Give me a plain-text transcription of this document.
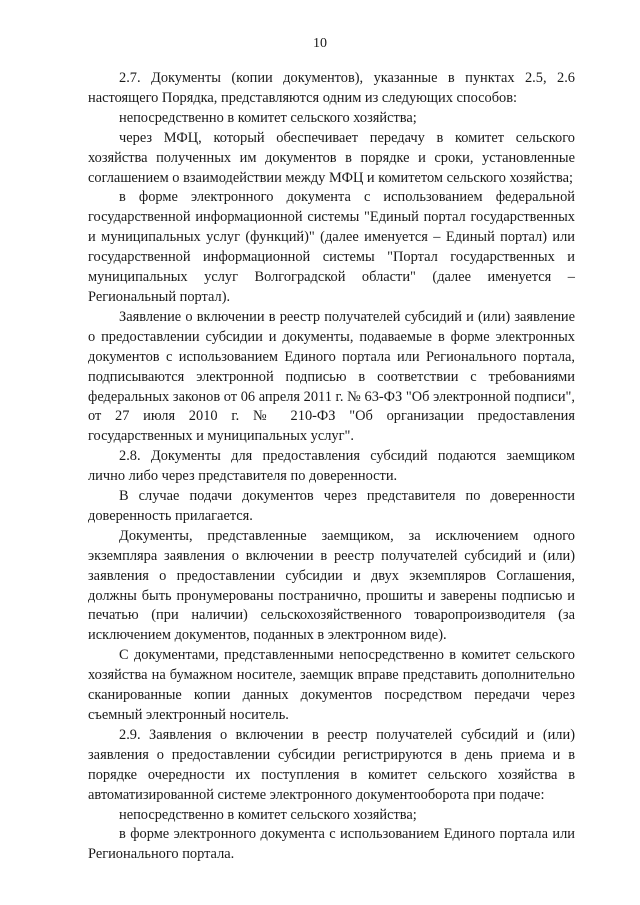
10

2.7. Документы (копии документов), указанные в пунктах 2.5, 2.6 настоящего Порядка, представляются одним из следующих способов:

непосредственно в комитет сельского хозяйства;

через МФЦ, который обеспечивает передачу в комитет сельского хозяйства полученных им документов в порядке и сроки, установленные соглашением о взаимодействии между МФЦ и комитетом сельского хозяйства;

в форме электронного документа с использованием федеральной государственной информационной системы "Единый портал государственных и муниципальных услуг (функций)" (далее именуется – Единый портал) или государственной информационной системы "Портал государственных и муниципальных услуг Волгоградской области" (далее именуется – Региональный портал).

Заявление о включении в реестр получателей субсидий и (или) заявление о предоставлении субсидии и документы, подаваемые в форме электронных документов с использованием Единого портала или Регионального портала, подписываются электронной подписью в соответствии с требованиями федеральных законов от 06 апреля 2011 г. № 63-ФЗ "Об электронной подписи", от 27 июля 2010 г. № 210-ФЗ "Об организации предоставления государственных и муниципальных услуг".

2.8. Документы для предоставления субсидий подаются заемщиком лично либо через представителя по доверенности.

В случае подачи документов через представителя по доверенности доверенность прилагается.

Документы, представленные заемщиком, за исключением одного экземпляра заявления о включении в реестр получателей субсидий и (или) заявления о предоставлении субсидии и двух экземпляров Соглашения, должны быть пронумерованы постранично, прошиты и заверены подписью и печатью (при наличии) сельскохозяйственного товаропроизводителя (за исключением документов, поданных в электронном виде).

С документами, представленными непосредственно в комитет сельского хозяйства на бумажном носителе, заемщик вправе представить дополнительно сканированные копии данных документов посредством передачи через съемный электронный носитель.

2.9. Заявления о включении в реестр получателей субсидий и (или) заявления о предоставлении субсидии регистрируются в день приема и в порядке очередности их поступления в комитет сельского хозяйства в автоматизированной системе электронного документооборота при подаче:

непосредственно в комитет сельского хозяйства;

в форме электронного документа с использованием Единого портала или Регионального портала.
